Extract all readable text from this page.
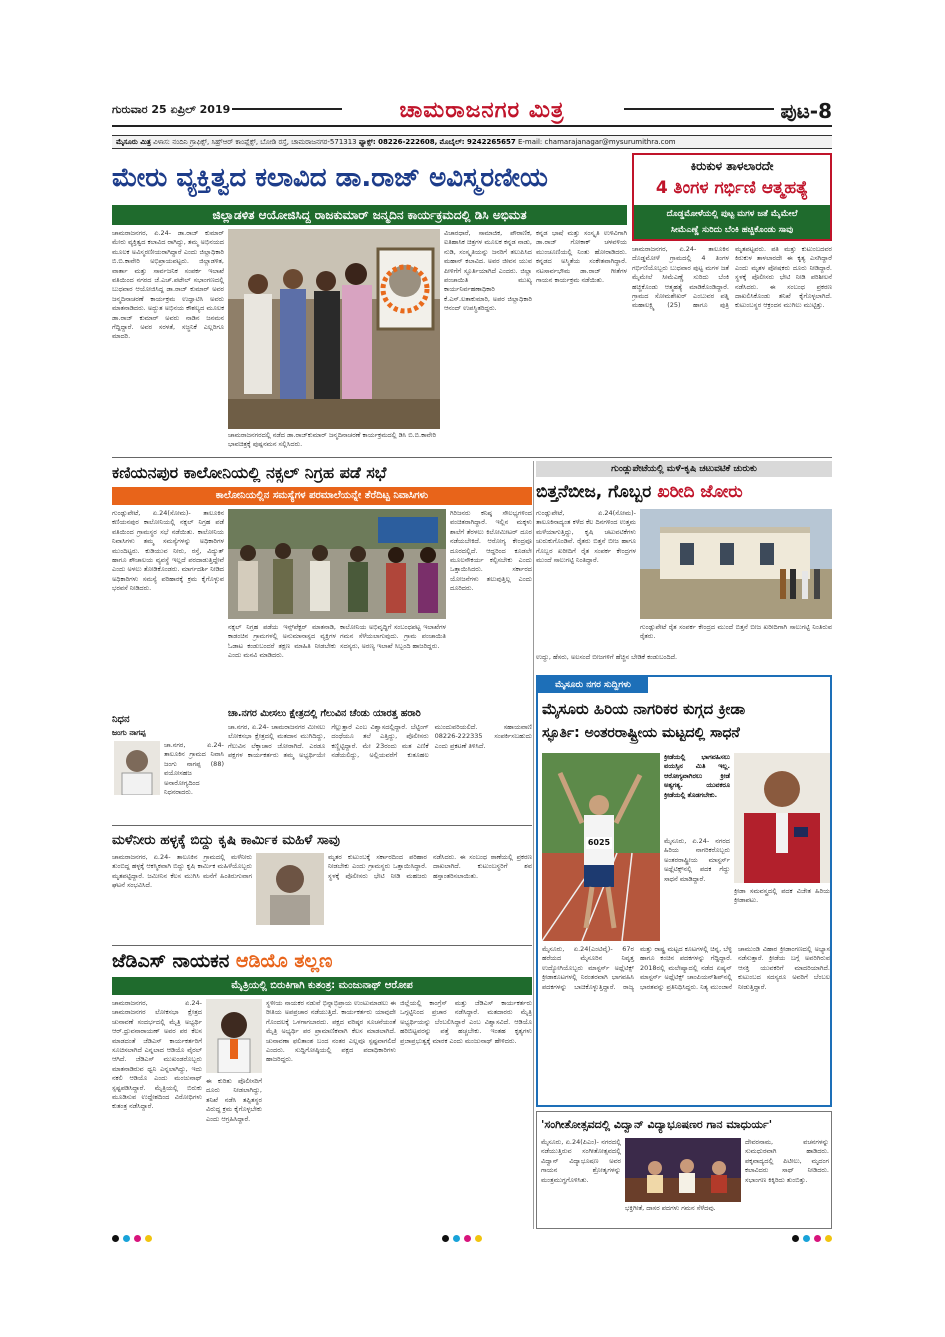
ಗುರುವಾರ 25 ಏಪ್ರಿಲ್ 2019	ಚಾಮರಾಜನಗರ ಮಿತ್ರ	ಪುಟ-8
ಮೈಸೂರು ಮಿತ್ರ ವಿಳಾಸ: ನಂದಿನಿ ಗ್ರಾಫಿಕ್ಸ್, ಸಿಹ್ರ್‌ಆರ್ ಕಾಂಪ್ಲೆಕ್ಸ್, ಬೋಡಿ ರಸ್ತೆ, ಚಾಮರಾಜನಗರ-571313 ಫ್ಯಾಕ್ಸ್: 08226-222608, ಮೊಬೈಲ್: 9242265657 E-mail: chamarajanagar@mysurumithra.com
ಮೇರು ವ್ಯಕ್ತಿತ್ವದ ಕಲಾವಿದ ಡಾ.ರಾಜ್ ಅವಿಸ್ಮರಣೀಯ
ಜಿಲ್ಲಾಡಳಿತ ಆಯೋಜಿಸಿದ್ದ ರಾಜಕುಮಾರ್ ಜನ್ಮದಿನ ಕಾರ್ಯಕ್ರಮದಲ್ಲಿ ಡಿಸಿ ಅಭಿಮತ
ಚಾಮರಾಜನಗರ, ಏ.24- ಡಾ.ರಾಜ್ ಕುಮಾರ್ ಮೇರು ವ್ಯಕ್ತಿತ್ವದ ಕಲಾವಿದ ರಾಗಿದ್ದು, ತಮ್ಮ ಅಭಿನಯದ ಮೂಲಕ ಅವಿಸ್ಮರಣೀಯರಾಗಿದ್ದಾರೆ ಎಂದು ಜಿಲ್ಲಾಧಿಕಾರಿ ಬಿ.ಬಿ.ಕಾವೇರಿ ಅಭಿಪ್ರಾಯಪಟ್ಟರು. ಜಿಲ್ಲಾಡಳಿತ, ವಾರ್ತಾ ಮತ್ತು ಸಾರ್ವಜನಿಕ ಸಂಪರ್ಕ ಇಲಾಖೆ ವತಿಯಿಂದ ನಗರದ ಜೆ.ಎಚ್.ಪಟೇಲ್ ಸಭಾಂಗಣದಲ್ಲಿ ಬುಧವಾರ ಆಯೋಜಿಸಿದ್ದ ಡಾ.ರಾಜ್ ಕುಮಾರ್ ಅವರ ಜನ್ಮದಿನಾಚರಣೆ ಕಾರ್ಯಕ್ರಮ ಉದ್ಘಾಟಿಸಿ ಅವರು ಮಾತನಾಡಿದರು. ಅದ್ಭುತ ಅಭಿನಯ ಕೌಶಲ್ಯದ ಮೂಲಕ ಡಾ.ರಾಜ್ ಕುಮಾರ್ ಅವರು ನಾಡಿನ ಜನಮನ ಗೆದ್ದಿದ್ದಾರೆ. ಅವರ ಸರಳತೆ, ಸಜ್ಜನಿಕೆ ಎಲ್ಲರಿಗೂ ಮಾದರಿ.
ಚಾಮರಾಜನಗರದಲ್ಲಿ ನಡೆದ ಡಾ.ರಾಜ್‌ಕುಮಾರ್ ಜನ್ಮದಿನಾಚರಣೆ ಕಾರ್ಯಕ್ರಮದಲ್ಲಿ ಡಿಸಿ ಬಿ.ಬಿ.ಕಾವೇರಿ ಭಾವಚಿತ್ರಕ್ಕೆ ಪುಷ್ಪನಮನ ಸಲ್ಲಿಸಿದರು.
ವಿಚಾರಧಾರೆ, ಸಾಮಾಜಿಕ, ಪೌರಾಣಿಕ, ಐತಿಹಾಸಿಕ ಚಿತ್ರಗಳ ಮೂಲಕ ಕನ್ನಡ ನಾಡು, ನುಡಿ, ಸಂಸ್ಕೃತಿಯನ್ನು ಜನರಿಗೆ ತಲುಪಿಸಿದ ಮಹಾನ್ ಕಲಾವಿದ. ಅವರ ಜೀವನ ಯುವ ಪೀಳಿಗೆಗೆ ಸ್ಫೂರ್ತಿಯಾಗಿದೆ ಎಂದರು. ಜಿಲ್ಲಾ ಪಂಚಾಯಿತಿ ಮುಖ್ಯ ಕಾರ್ಯನಿರ್ವಹಣಾಧಿಕಾರಿ ಕೆ.ಎಸ್.ಲತಾಕುಮಾರಿ, ಅಪರ ಜಿಲ್ಲಾಧಿಕಾರಿ ಆನಂದ್ ಉಪಸ್ಥಿತರಿದ್ದರು.
ಕನ್ನಡ ಭಾಷೆ ಮತ್ತು ಸಂಸ್ಕೃತಿ ಉಳಿವಿಗಾಗಿ ಡಾ.ರಾಜ್ ಗೋಕಾಕ್ ಚಳವಳಿಯ ಮುಂಚೂಣಿಯಲ್ಲಿ ನಿಂತು ಹೋರಾಡಿದರು. ಕನ್ನಡದ ಅಸ್ಮಿತೆಯ ಸಂಕೇತವಾಗಿದ್ದಾರೆ. ನಟಸಾರ್ವಭೌಮ ಡಾ.ರಾಜ್ ಗೀತೆಗಳ ಗಾಯನ ಕಾರ್ಯಕ್ರಮ ನಡೆಯಿತು.
ಕಿರುಕುಳ ತಾಳಲಾರದೇ
4 ತಿಂಗಳ ಗರ್ಭಿಣಿ ಆತ್ಮಹತ್ಯೆ
ದೊಡ್ಡಮೋಳೆಯಲ್ಲಿ ಪುಟ್ಟ ಮಗಳ ಜತೆ ಮೈಮೇಲೆ
ಸೀಮೆಎಣ್ಣೆ ಸುರಿದು ಬೆಂಕಿ ಹಚ್ಚಿಕೊಂಡು ಸಾವು
ಚಾಮರಾಜನಗರ, ಏ.24- ತಾಲೂಕಿನ ದೊಡ್ಡಮೋಳೆ ಗ್ರಾಮದಲ್ಲಿ 4 ತಿಂಗಳ ಗರ್ಭಿಣಿಯೊಬ್ಬರು ಬುಧವಾರ ಪುಟ್ಟ ಮಗಳ ಜತೆ ಮೈಮೇಲೆ ಸೀಮೆಎಣ್ಣೆ ಸುರಿದು ಬೆಂಕಿ ಹಚ್ಚಿಕೊಂಡು ಆತ್ಮಹತ್ಯೆ ಮಾಡಿಕೊಂಡಿದ್ದಾರೆ. ಗ್ರಾಮದ ಸೋಮಶೇಖರ್ ಎಂಬುವರ ಪತ್ನಿ ಮಹಾಲಕ್ಷ್ಮಿ (25) ಹಾಗೂ ಪುತ್ರಿ ಮೃತಪಟ್ಟವರು. ಪತಿ ಮತ್ತು ಕುಟುಂಬದವರ ಕಿರುಕುಳ ತಾಳಲಾರದೇ ಈ ಕೃತ್ಯ ಎಸಗಿದ್ದಾರೆ ಎಂದು ಮೃತಳ ಪೋಷಕರು ದೂರು ನೀಡಿದ್ದಾರೆ. ಸ್ಥಳಕ್ಕೆ ಪೊಲೀಸರು ಭೇಟಿ ನೀಡಿ ಪರಿಶೀಲನೆ ನಡೆಸಿದರು. ಈ ಸಂಬಂಧ ಪ್ರಕರಣ ದಾಖಲಿಸಿಕೊಂಡು ತನಿಖೆ ಕೈಗೊಳ್ಳಲಾಗಿದೆ. ಕುಟುಂಬಸ್ಥರ ಆಕ್ರಂದನ ಮುಗಿಲು ಮುಟ್ಟಿತ್ತು.
ಕಣಿಯನಪುರ ಕಾಲೋನಿಯಲ್ಲಿ ನಕ್ಸಲ್ ನಿಗ್ರಹ ಪಡೆ ಸಭೆ
ಕಾಲೋನಿಯಲ್ಲಿನ ಸಮಸ್ಯೆಗಳ ಪರಮಾಲೆಯನ್ನೇ ತೆರೆದಿಟ್ಟ ನಿವಾಸಿಗಳು
ಗುಂಡ್ಲುಪೇಟೆ, ಏ.24(ಸೋಮ)- ತಾಲೂಕಿನ ಕಣಿಯನಪುರ ಕಾಲೋನಿಯಲ್ಲಿ ನಕ್ಸಲ್ ನಿಗ್ರಹ ಪಡೆ ವತಿಯಿಂದ ಗ್ರಾಮಸ್ಥರ ಸಭೆ ನಡೆಯಿತು. ಕಾಲೋನಿಯ ನಿವಾಸಿಗಳು ತಮ್ಮ ಸಮಸ್ಯೆಗಳನ್ನು ಅಧಿಕಾರಿಗಳ ಮುಂದಿಟ್ಟರು. ಕುಡಿಯುವ ನೀರು, ರಸ್ತೆ, ವಿದ್ಯುತ್ ಹಾಗೂ ಶೌಚಾಲಯ ವ್ಯವಸ್ಥೆ ಇಲ್ಲದೆ ಪರದಾಡುತ್ತಿದ್ದೇವೆ ಎಂದು ಅಳಲು ತೋಡಿಕೊಂಡರು. ಮಾರ್ಗದರ್ಶಿ ನೀಡಿದ ಅಧಿಕಾರಿಗಳು ಸಮಸ್ಯೆ ಪರಿಹಾರಕ್ಕೆ ಕ್ರಮ ಕೈಗೊಳ್ಳುವ ಭರವಸೆ ನೀಡಿದರು.
ನಕ್ಸಲ್ ನಿಗ್ರಹ ಪಡೆಯ ಇನ್ಸ್‌ಪೆಕ್ಟರ್ ಮಾತನಾಡಿ, ಕಾಡಂಚಿನ ಗ್ರಾಮಗಳಲ್ಲಿ ಅನುಮಾನಾಸ್ಪದ ವ್ಯಕ್ತಿಗಳ ಓಡಾಟ ಕಂಡುಬಂದರೆ ತಕ್ಷಣ ಮಾಹಿತಿ ನೀಡಬೇಕು ಎಂದು ಮನವಿ ಮಾಡಿದರು.
ಕಾಲೋನಿಯ ಅಭಿವೃದ್ಧಿಗೆ ಸಂಬಂಧಪಟ್ಟ ಇಲಾಖೆಗಳ ಗಮನ ಸೆಳೆಯಲಾಗುವುದು. ಗ್ರಾಮ ಪಂಚಾಯಿತಿ ಸದಸ್ಯರು, ಅರಣ್ಯ ಇಲಾಖೆ ಸಿಬ್ಬಂದಿ ಹಾಜರಿದ್ದರು.
ಗಿರಿಜನರು ಕನಿಷ್ಠ ಸೌಲಭ್ಯಗಳಿಂದ ವಂಚಿತರಾಗಿದ್ದಾರೆ. ಇಲ್ಲಿನ ಮಕ್ಕಳು ಶಾಲೆಗೆ ತೆರಳಲು ಕಿಲೋಮೀಟರ್ ದೂರ ನಡೆಯಬೇಕಿದೆ. ಆರೋಗ್ಯ ಕೇಂದ್ರವೂ ದೂರದಲ್ಲಿದೆ. ಆದ್ದರಿಂದ ಕೂಡಲೇ ಮೂಲಸೌಕರ್ಯ ಕಲ್ಪಿಸಬೇಕು ಎಂದು ಒತ್ತಾಯಿಸಿದರು. ಸರ್ಕಾರದ ಯೋಜನೆಗಳು ತಲುಪುತ್ತಿಲ್ಲ ಎಂದು ದೂರಿದರು.
ಗುಂಡ್ಲುಪೇಟೆಯಲ್ಲಿ ಮಳೆ-ಕೃಷಿ ಚಟುವಟಿಕೆ ಚುರುಕು
ಬಿತ್ತನೆಬೀಜ, ಗೊಬ್ಬರ ಖರೀದಿ ಜೋರು
ಗುಂಡ್ಲುಪೇಟೆ, ಏ.24(ಸೋಮ)- ತಾಲೂಕಿನಾದ್ಯಂತ ಕಳೆದ ಕೆಲ ದಿನಗಳಿಂದ ಉತ್ತಮ ಮಳೆಯಾಗುತ್ತಿದ್ದು, ಕೃಷಿ ಚಟುವಟಿಕೆಗಳು ಚುರುಕುಗೊಂಡಿವೆ. ರೈತರು ಬಿತ್ತನೆ ಬೀಜ ಹಾಗೂ ಗೊಬ್ಬರ ಖರೀದಿಗೆ ರೈತ ಸಂಪರ್ಕ ಕೇಂದ್ರಗಳ ಮುಂದೆ ಸಾಲುಗಟ್ಟಿ ನಿಂತಿದ್ದಾರೆ.
ಗುಂಡ್ಲುಪೇಟೆ ರೈತ ಸಂಪರ್ಕ ಕೇಂದ್ರದ ಮುಂದೆ ಬಿತ್ತನೆ ಬೀಜ ಖರೀದಿಗಾಗಿ ಸಾಲುಗಟ್ಟಿ ನಿಂತಿರುವ ರೈತರು.
ಉದ್ದು, ಹೆಸರು, ಅಲಸಂದೆ ಬೀಜಗಳಿಗೆ ಹೆಚ್ಚಿನ ಬೇಡಿಕೆ ಕಂಡುಬಂದಿದೆ.
ಚಾ.ನಗರ ಮೀಸಲು ಕ್ಷೇತ್ರದಲ್ಲಿ ಗೆಲುವಿನ ಚೆಂಡು ಯಾರತ್ತ ಹರಾರಿ
ಚಾ.ನಗರ, ಏ.24- ಚಾಮರಾಜನಗರ ಮೀಸಲು ಲೋಕಸಭಾ ಕ್ಷೇತ್ರದಲ್ಲಿ ಮತದಾನ ಮುಗಿದಿದ್ದು, ಗೆಲುವಿನ ಲೆಕ್ಕಾಚಾರ ಜೋರಾಗಿದೆ. ಎರಡೂ ಪಕ್ಷಗಳ ಕಾರ್ಯಕರ್ತರು ತಮ್ಮ ಅಭ್ಯರ್ಥಿಯೇ ಗೆಲ್ಲುತ್ತಾರೆ ಎಂಬ ವಿಶ್ವಾಸದಲ್ಲಿದ್ದಾರೆ. ಬೆಟ್ಟಿಂಗ್ ದಂಧೆಯೂ ತಲೆ ಎತ್ತಿದ್ದು, ಪೊಲೀಸರು ಕಣ್ಣಿಟ್ಟಿದ್ದಾರೆ. ಮೇ 23ರಂದು ಮತ ಎಣಿಕೆ ನಡೆಯಲಿದ್ದು, ಅಲ್ಲಿಯವರೆಗೆ ಕುತೂಹಲ ಮುಂದುವರಿಯಲಿದೆ. ಸಹಾಯವಾಣಿ 08226-222335 ಸಂಪರ್ಕಿಸಬಹುದು ಎಂದು ಪ್ರಕಟಣೆ ತಿಳಿಸಿದೆ.
ನಿಧನ
ಜಂಗು ನಾಗಪ್ಪ
ಚಾ.ನಗರ, ಏ.24- ತಾಲೂಕಿನ ಗ್ರಾಮದ ನಿವಾಸಿ ಜಂಗು ನಾಗಪ್ಪ (88) ವಯೋಸಹಜ ಅನಾರೋಗ್ಯದಿಂದ ನಿಧನರಾದರು.
ಮಳೆನೀರು ಹಳ್ಳಕ್ಕೆ ಬಿದ್ದು ಕೃಷಿ ಕಾರ್ಮಿಕ ಮಹಿಳೆ ಸಾವು
ಚಾಮರಾಜನಗರ, ಏ.24- ತಾಲೂಕಿನ ಗ್ರಾಮದಲ್ಲಿ ಮಳೆನೀರು ತುಂಬಿದ್ದ ಹಳ್ಳಕ್ಕೆ ಆಕಸ್ಮಿಕವಾಗಿ ಬಿದ್ದು ಕೃಷಿ ಕಾರ್ಮಿಕ ಮಹಿಳೆಯೊಬ್ಬರು ಮೃತಪಟ್ಟಿದ್ದಾರೆ. ಜಮೀನಿನ ಕೆಲಸ ಮುಗಿಸಿ ಮನೆಗೆ ಹಿಂತಿರುಗುವಾಗ ಘಟನೆ ಸಂಭವಿಸಿದೆ.
ಮೃತರ ಕುಟುಂಬಕ್ಕೆ ಸರ್ಕಾರದಿಂದ ಪರಿಹಾರ ನೀಡಬೇಕು ಎಂದು ಗ್ರಾಮಸ್ಥರು ಒತ್ತಾಯಿಸಿದ್ದಾರೆ. ಸ್ಥಳಕ್ಕೆ ಪೊಲೀಸರು ಭೇಟಿ ನೀಡಿ ಮಹಜರು ನಡೆಸಿದರು. ಈ ಸಂಬಂಧ ಠಾಣೆಯಲ್ಲಿ ಪ್ರಕರಣ ದಾಖಲಾಗಿದೆ. ಕುಟುಂಬಸ್ಥರಿಗೆ ಶವ ಹಸ್ತಾಂತರಿಸಲಾಯಿತು.
ಜೆಡಿಎಸ್ ನಾಯಕನ ಆಡಿಯೊ ತಲ್ಲಣ
ಮೈತ್ರಿಯಲ್ಲಿ ಬಿರುಕಿಗಾಗಿ ಕುತಂತ್ರ: ಮಂಜುನಾಥ್ ಆರೋಪ
ಚಾಮರಾಜನಗರ, ಏ.24- ಚಾಮರಾಜನಗರ ಲೋಕಸಭಾ ಕ್ಷೇತ್ರದ ಚುನಾವಣೆ ಸಂದರ್ಭದಲ್ಲಿ ಮೈತ್ರಿ ಅಭ್ಯರ್ಥಿ ಆರ್.ಧ್ರುವನಾರಾಯಣ್ ಅವರ ಪರ ಕೆಲಸ ಮಾಡದಂತೆ ಜೆಡಿಎಸ್ ಕಾರ್ಯಕರ್ತರಿಗೆ ಸೂಚಿಸಲಾಗಿದೆ ಎನ್ನಲಾದ ಆಡಿಯೊ ವೈರಲ್ ಆಗಿದೆ. ಜೆಡಿಎಸ್ ಮುಖಂಡರೊಬ್ಬರು ಮಾತನಾಡಿರುವ ಧ್ವನಿ ಎನ್ನಲಾಗಿದ್ದು, ಇದು ನಕಲಿ ಆಡಿಯೊ ಎಂದು ಮಂಜುನಾಥ್ ಸ್ಪಷ್ಟಪಡಿಸಿದ್ದಾರೆ. ಮೈತ್ರಿಯಲ್ಲಿ ಬಿರುಕು ಮೂಡಿಸುವ ಉದ್ದೇಶದಿಂದ ವಿರೋಧಿಗಳು ಕುತಂತ್ರ ನಡೆಸಿದ್ದಾರೆ.
ಈ ಕುರಿತು ಪೊಲೀಸರಿಗೆ ದೂರು ನೀಡಲಾಗಿದ್ದು, ತನಿಖೆ ನಡೆಸಿ ತಪ್ಪಿತಸ್ಥರ ವಿರುದ್ಧ ಕ್ರಮ ಕೈಗೊಳ್ಳಬೇಕು ಎಂದು ಆಗ್ರಹಿಸಿದ್ದಾರೆ.
ಸ್ಥಳೀಯ ನಾಯಕರ ನಡುವೆ ಭಿನ್ನಾಭಿಪ್ರಾಯ ಉಂಟುಮಾಡಲು ಈ ರೀತಿಯ ಅಪಪ್ರಚಾರ ನಡೆಯುತ್ತಿದೆ. ಕಾರ್ಯಕರ್ತರು ಯಾವುದೇ ಗೊಂದಲಕ್ಕೆ ಒಳಗಾಗಬಾರದು. ಪಕ್ಷದ ವರಿಷ್ಠರ ಸೂಚನೆಯಂತೆ ಮೈತ್ರಿ ಅಭ್ಯರ್ಥಿ ಪರ ಪ್ರಾಮಾಣಿಕವಾಗಿ ಕೆಲಸ ಮಾಡಲಾಗಿದೆ. ಚುನಾವಣಾ ಫಲಿತಾಂಶ ಬಂದ ನಂತರ ಎಲ್ಲವೂ ಸ್ಪಷ್ಟವಾಗಲಿದೆ ಎಂದರು. ಸುದ್ದಿಗೋಷ್ಠಿಯಲ್ಲಿ ಪಕ್ಷದ ಪದಾಧಿಕಾರಿಗಳು ಹಾಜರಿದ್ದರು.
ಜಿಲ್ಲೆಯಲ್ಲಿ ಕಾಂಗ್ರೆಸ್ ಮತ್ತು ಜೆಡಿಎಸ್ ಕಾರ್ಯಕರ್ತರು ಒಗ್ಗಟ್ಟಿನಿಂದ ಪ್ರಚಾರ ನಡೆಸಿದ್ದಾರೆ. ಮತದಾರರು ಮೈತ್ರಿ ಅಭ್ಯರ್ಥಿಯನ್ನು ಬೆಂಬಲಿಸಿದ್ದಾರೆ ಎಂಬ ವಿಶ್ವಾಸವಿದೆ. ಆಡಿಯೊ ಹರಿಬಿಟ್ಟವರನ್ನು ಪತ್ತೆ ಹಚ್ಚಬೇಕು. ಇಂತಹ ಕೃತ್ಯಗಳು ಪ್ರಜಾಪ್ರಭುತ್ವಕ್ಕೆ ಮಾರಕ ಎಂದು ಮಂಜುನಾಥ್ ಹೇಳಿದರು.
ಮೈಸೂರು ನಗರ ಸುದ್ದಿಗಳು
ಮೈಸೂರು ಹಿರಿಯ ನಾಗರಿಕರ ಕುಗ್ಗದ ಕ್ರೀಡಾ
ಸ್ಫೂರ್ತಿ: ಅಂತರರಾಷ್ಟ್ರೀಯ ಮಟ್ಟದಲ್ಲಿ ಸಾಧನೆ
6025
ಕ್ರೀಡೆಯಲ್ಲಿ ಭಾಗವಹಿಸಲು ವಯಸ್ಸಿನ ಮಿತಿ ಇಲ್ಲ. ಆರೋಗ್ಯವಾಗಿರಲು ಕ್ರೀಡೆ ಅತ್ಯಗತ್ಯ. ಯುವಕರೂ ಕ್ರೀಡೆಯಲ್ಲಿ ತೊಡಗಬೇಕು.
ಮೈಸೂರು, ಏ.24- ನಗರದ ಹಿರಿಯ ನಾಗರಿಕರೊಬ್ಬರು ಅಂತರರಾಷ್ಟ್ರೀಯ ಮಾಸ್ಟರ್ಸ್ ಅಥ್ಲೆಟಿಕ್ಸ್‌ನಲ್ಲಿ ಪದಕ ಗೆದ್ದು ಸಾಧನೆ ಮಾಡಿದ್ದಾರೆ.
ಕ್ರೀಡಾ ಸಮವಸ್ತ್ರದಲ್ಲಿ ಪದಕ ವಿಜೇತ ಹಿರಿಯ ಕ್ರೀಡಾಪಟು.
ಮೈಸೂರು, ಏ.24(ಎಂಟಿವೈ)- 67ರ ಹರೆಯದ ಮೈಸೂರಿನ ನಿವೃತ್ತ ಉದ್ಯೋಗಿಯೊಬ್ಬರು ಮಾಸ್ಟರ್ಸ್ ಅಥ್ಲೆಟಿಕ್ಸ್ ಕ್ರೀಡಾಕೂಟಗಳಲ್ಲಿ ನಿರಂತರವಾಗಿ ಭಾಗವಹಿಸಿ ಪದಕಗಳನ್ನು ಬಾಚಿಕೊಳ್ಳುತ್ತಿದ್ದಾರೆ. ರಾಜ್ಯ ಮತ್ತು ರಾಷ್ಟ್ರ ಮಟ್ಟದ ಕೂಟಗಳಲ್ಲಿ ಚಿನ್ನ, ಬೆಳ್ಳಿ ಹಾಗೂ ಕಂಚಿನ ಪದಕಗಳನ್ನು ಗೆದ್ದಿದ್ದಾರೆ. 2018ರಲ್ಲಿ ಮಲೇಷ್ಯಾದಲ್ಲಿ ನಡೆದ ಏಷ್ಯನ್ ಮಾಸ್ಟರ್ಸ್ ಅಥ್ಲೆಟಿಕ್ಸ್ ಚಾಂಪಿಯನ್‌ಶಿಪ್‌ನಲ್ಲಿ ಭಾರತವನ್ನು ಪ್ರತಿನಿಧಿಸಿದ್ದರು. ನಿತ್ಯ ಮುಂಜಾನೆ ಚಾಮುಂಡಿ ವಿಹಾರ ಕ್ರೀಡಾಂಗಣದಲ್ಲಿ ಅಭ್ಯಾಸ ನಡೆಸುತ್ತಾರೆ. ಕ್ರೀಡೆಯ ಬಗ್ಗೆ ಅವರಿಗಿರುವ ಆಸಕ್ತಿ ಯುವಕರಿಗೆ ಮಾದರಿಯಾಗಿದೆ. ಕುಟುಂಬದ ಸದಸ್ಯರೂ ಅವರಿಗೆ ಬೆಂಬಲ ನೀಡುತ್ತಿದ್ದಾರೆ.
'ಸಂಗೀತೋತ್ಸವದಲ್ಲಿ ವಿದ್ವಾನ್ ವಿದ್ಯಾಭೂಷಣರ ಗಾನ ಮಾಧುರ್ಯ'
ಮೈಸೂರು, ಏ.24(ಪಿಎಂ)- ನಗರದಲ್ಲಿ ನಡೆಯುತ್ತಿರುವ ಸಂಗೀತೋತ್ಸವದಲ್ಲಿ ವಿದ್ವಾನ್ ವಿದ್ಯಾಭೂಷಣ ಅವರ ಗಾಯನ ಶ್ರೋತೃಗಳನ್ನು ಮಂತ್ರಮುಗ್ಧಗೊಳಿಸಿತು.
ಭಕ್ತಿಗೀತೆ, ದಾಸರ ಪದಗಳು ಗಮನ ಸೆಳೆದವು.
ದೇವರನಾಮ, ವಚನಗಳನ್ನು ಸುಮಧುರವಾಗಿ ಹಾಡಿದರು. ಪಕ್ಕವಾದ್ಯದಲ್ಲಿ ಪಿಟೀಲು, ಮೃದಂಗ ಕಲಾವಿದರು ಸಾಥ್ ನೀಡಿದರು. ಸಭಾಂಗಣ ಕಿಕ್ಕಿರಿದು ತುಂಬಿತ್ತು.
